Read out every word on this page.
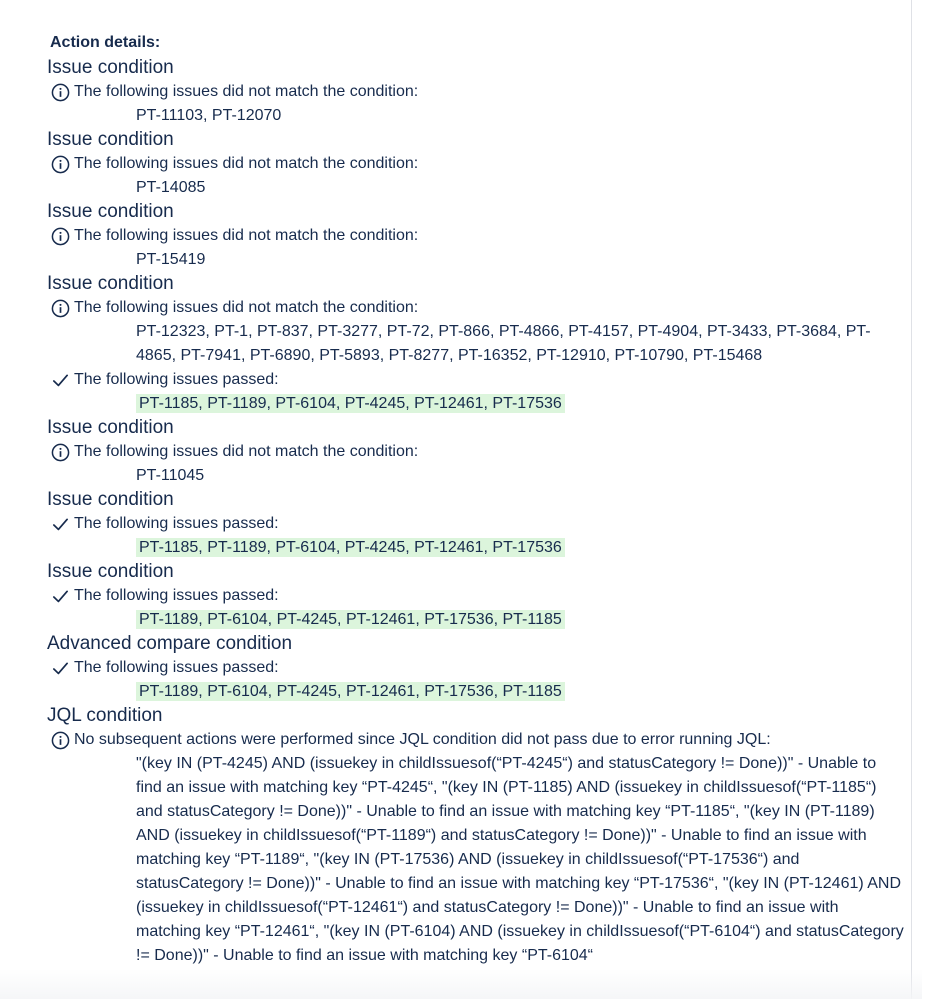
Action details:
Issue condition
The following issues did not match the condition:
PT-11103, PT-12070
Issue condition
The following issues did not match the condition:
PT-14085
Issue condition
The following issues did not match the condition:
PT-15419
Issue condition
The following issues did not match the condition:
PT-12323, PT-1, PT-837, PT-3277, PT-72, PT-866, PT-4866, PT-4157, PT-4904, PT-3433, PT-3684, PT-4865, PT-7941, PT-6890, PT-5893, PT-8277, PT-16352, PT-12910, PT-10790, PT-15468
The following issues passed:
PT-1185, PT-1189, PT-6104, PT-4245, PT-12461, PT-17536
Issue condition
The following issues did not match the condition:
PT-11045
Issue condition
The following issues passed:
PT-1185, PT-1189, PT-6104, PT-4245, PT-12461, PT-17536
Issue condition
The following issues passed:
PT-1189, PT-6104, PT-4245, PT-12461, PT-17536, PT-1185
Advanced compare condition
The following issues passed:
PT-1189, PT-6104, PT-4245, PT-12461, PT-17536, PT-1185
JQL condition
No subsequent actions were performed since JQL condition did not pass due to error running JQL:
"(key IN (PT-4245) AND (issuekey in childIssuesof(“PT-4245“) and statusCategory != Done))" - Unable to find an issue with matching key “PT-4245“, "(key IN (PT-1185) AND (issuekey in childIssuesof(“PT-1185“) and statusCategory != Done))" - Unable to find an issue with matching key “PT-1185“, "(key IN (PT-1189) AND (issuekey in childIssuesof(“PT-1189“) and statusCategory != Done))" - Unable to find an issue with matching key “PT-1189“, "(key IN (PT-17536) AND (issuekey in childIssuesof(“PT-17536“) and statusCategory != Done))" - Unable to find an issue with matching key “PT-17536“, "(key IN (PT-12461) AND (issuekey in childIssuesof(“PT-12461“) and statusCategory != Done))" - Unable to find an issue with matching key “PT-12461“, "(key IN (PT-6104) AND (issuekey in childIssuesof(“PT-6104“) and statusCategory != Done))" - Unable to find an issue with matching key “PT-6104“
